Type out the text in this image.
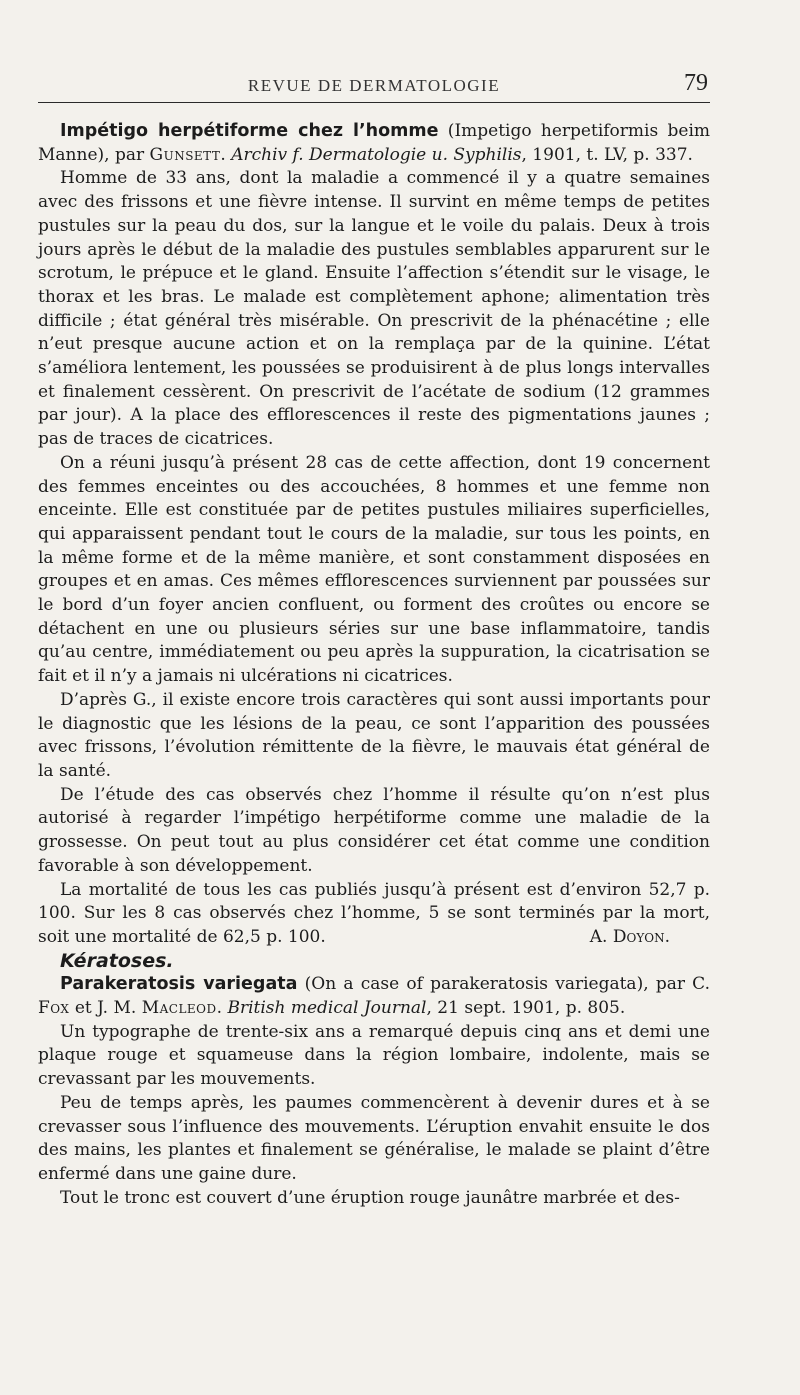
REVUE DE DERMATOLOGIE	79

Impétigo herpétiforme chez l’homme (Impetigo herpetiformis beim Manne), par Gunsett. Archiv f. Dermatologie u. Syphilis, 1901, t. LV, p. 337.

Homme de 33 ans, dont la maladie a commencé il y a quatre semaines avec des frissons et une fièvre intense. Il survint en même temps de petites pustules sur la peau du dos, sur la langue et le voile du palais. Deux à trois jours après le début de la maladie des pustules semblables apparurent sur le scrotum, le prépuce et le gland. Ensuite l’affection s’étendit sur le visage, le thorax et les bras. Le malade est complètement aphone; alimentation très difficile ; état général très misérable. On prescrivit de la phénacétine ; elle n’eut presque aucune action et on la remplaça par de la quinine. L’état s’améliora lentement, les poussées se produisirent à de plus longs intervalles et finalement cessèrent. On prescrivit de l’acétate de sodium (12 grammes par jour). A la place des efflorescences il reste des pigmentations jaunes ; pas de traces de cicatrices.

On a réuni jusqu’à présent 28 cas de cette affection, dont 19 concernent des femmes enceintes ou des accouchées, 8 hommes et une femme non enceinte. Elle est constituée par de petites pustules miliaires superficielles, qui apparaissent pendant tout le cours de la maladie, sur tous les points, en la même forme et de la même manière, et sont constamment disposées en groupes et en amas. Ces mêmes efflorescences surviennent par poussées sur le bord d’un foyer ancien confluent, ou forment des croûtes ou encore se détachent en une ou plusieurs séries sur une base inflammatoire, tandis qu’au centre, immédiatement ou peu après la suppuration, la cicatrisation se fait et il n’y a jamais ni ulcérations ni cicatrices.

D’après G., il existe encore trois caractères qui sont aussi importants pour le diagnostic que les lésions de la peau, ce sont l’apparition des poussées avec frissons, l’évolution rémittente de la fièvre, le mauvais état général de la santé.

De l’étude des cas observés chez l’homme il résulte qu’on n’est plus autorisé à regarder l’impétigo herpétiforme comme une maladie de la grossesse. On peut tout au plus considérer cet état comme une condition favorable à son développement.

La mortalité de tous les cas publiés jusqu’à présent est d’environ 52,7 p. 100. Sur les 8 cas observés chez l’homme, 5 se sont terminés par la mort, soit une mortalité de 62,5 p. 100.	A. Doyon.

Kératoses.

Parakeratosis variegata (On a case of parakeratosis variegata), par C. Fox et J. M. Macleod. British medical Journal, 21 sept. 1901, p. 805.

Un typographe de trente-six ans a remarqué depuis cinq ans et demi une plaque rouge et squameuse dans la région lombaire, indolente, mais se crevassant par les mouvements.

Peu de temps après, les paumes commencèrent à devenir dures et à se crevasser sous l’influence des mouvements. L’éruption envahit ensuite le dos des mains, les plantes et finalement se généralise, le malade se plaint d’être enfermé dans une gaine dure.

Tout le tronc est couvert d’une éruption rouge jaunâtre marbrée et des-
